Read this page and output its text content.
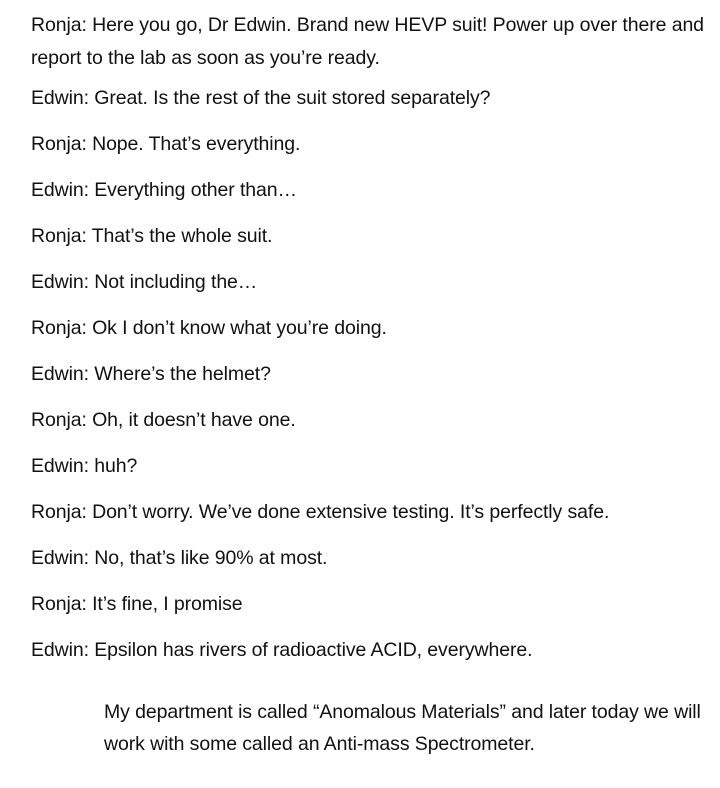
Ronja: Here you go, Dr Edwin. Brand new HEVP suit! Power up over there and report to the lab as soon as you’re ready.

Edwin: Great. Is the rest of the suit stored separately?

Ronja: Nope. That’s everything.

Edwin: Everything other than…

Ronja: That’s the whole suit.

Edwin: Not including the…

Ronja: Ok I don’t know what you’re doing.

Edwin: Where’s the helmet?

Ronja: Oh, it doesn’t have one.

Edwin: huh?

Ronja: Don’t worry. We’ve done extensive testing. It’s perfectly safe.

Edwin: No, that’s like 90% at most.

Ronja: It’s fine, I promise

Edwin: Epsilon has rivers of radioactive ACID, everywhere.

My department is called “Anomalous Materials” and later today we will work with some called an Anti-mass Spectrometer.
